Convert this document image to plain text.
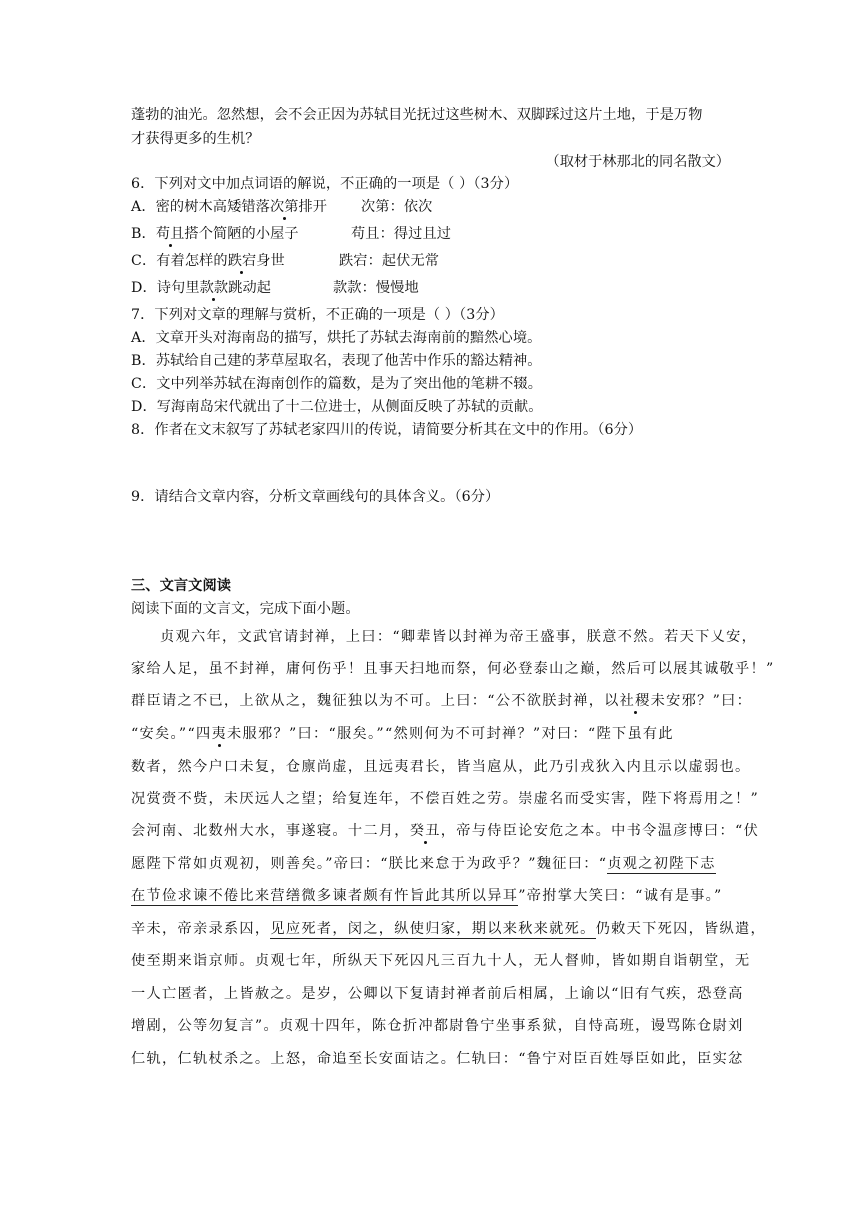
蓬勃的油光。忽然想，会不会正因为苏轼目光抚过这些树木、双脚踩过这片土地，于是万物
才获得更多的生机？
（取材于林那北的同名散文）
6．下列对文中加点词语的解说，不正确的一项是（ ）（3分）
A．密的树木高矮错落次第排开 次第：依次
B．苟且搭个简陋的小屋子	苟且：得过且过
C．有着怎样的跌宕身世	跌宕：起伏无常
D．诗句里款款跳动起	款款：慢慢地
7．下列对文章的理解与赏析，不正确的一项是（ ）（3分）
A．文章开头对海南岛的描写，烘托了苏轼去海南前的黯然心境。
B．苏轼给自己建的茅草屋取名，表现了他苦中作乐的豁达精神。
C．文中列举苏轼在海南创作的篇数，是为了突出他的笔耕不辍。
D．写海南岛宋代就出了十二位进士，从侧面反映了苏轼的贡献。
8．作者在文末叙写了苏轼老家四川的传说，请简要分析其在文中的作用。（6分）
9．请结合文章内容，分析文章画线句的具体含义。（6分）
三、文言文阅读
阅读下面的文言文，完成下面小题。
贞观六年，文武官请封禅，上曰：“卿辈皆以封禅为帝王盛事，朕意不然。若天下乂安，
家给人足，虽不封禅，庸何伤乎！且事天扫地而祭，何必登泰山之巅，然后可以展其诚敬乎！”
群臣请之不已，上欲从之，魏征独以为不可。上曰：“公不欲朕封禅，以社稷未安邪？”曰：
“安矣。”“四夷未服邪？”曰：“服矣。”“然则何为不可封禅？”对曰：“陛下虽有此
数者，然今户口未复，仓廪尚虚，且远夷君长，皆当扈从，此乃引戎狄入内且示以虚弱也。
况赏赍不赀，未厌远人之望；给复连年，不偿百姓之劳。崇虚名而受实害，陛下将焉用之！”
会河南、北数州大水，事遂寝。十二月，癸丑，帝与侍臣论安危之本。中书令温彦博曰：“伏
愿陛下常如贞观初，则善矣。”帝曰：“朕比来怠于为政乎？”魏征曰：“贞观之初陛下志
在节俭求谏不倦比来营缮微多谏者颇有忤旨此其所以异耳”帝拊掌大笑曰：“诚有是事。”
辛未，帝亲录系囚，见应死者，闵之，纵使归家，期以来秋来就死。仍敕天下死囚，皆纵遣，
使至期来诣京师。贞观七年，所纵天下死囚凡三百九十人，无人督帅，皆如期自诣朝堂，无
一人亡匿者，上皆赦之。是岁，公卿以下复请封禅者前后相属，上谕以“旧有气疾，恐登高
增剧，公等勿复言”。贞观十四年，陈仓折冲都尉鲁宁坐事系狱，自恃高班，谩骂陈仓尉刘
仁轨，仁轨杖杀之。上怒，命追至长安面诘之。仁轨曰：“鲁宁对臣百姓辱臣如此，臣实忿
